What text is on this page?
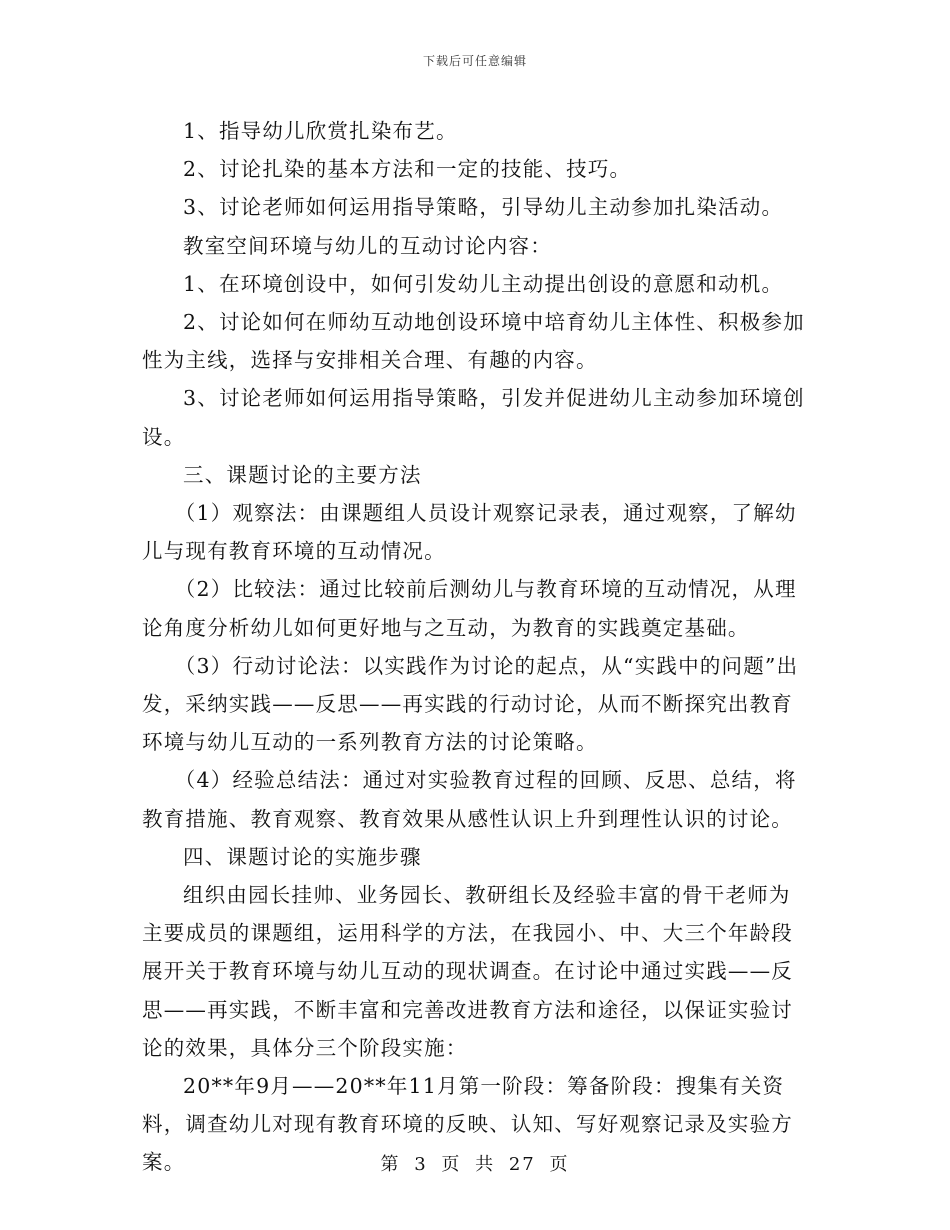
下载后可任意编辑

1、指导幼儿欣赏扎染布艺。

2、讨论扎染的基本方法和一定的技能、技巧。

3、讨论老师如何运用指导策略，引导幼儿主动参加扎染活动。

教室空间环境与幼儿的互动讨论内容：

1、在环境创设中，如何引发幼儿主动提出创设的意愿和动机。

2、讨论如何在师幼互动地创设环境中培育幼儿主体性、积极参加性为主线，选择与安排相关合理、有趣的内容。

3、讨论老师如何运用指导策略，引发并促进幼儿主动参加环境创设。

三、课题讨论的主要方法

（1）观察法：由课题组人员设计观察记录表，通过观察，了解幼儿与现有教育环境的互动情况。

（2）比较法：通过比较前后测幼儿与教育环境的互动情况，从理论角度分析幼儿如何更好地与之互动，为教育的实践奠定基础。

（3）行动讨论法：以实践作为讨论的起点，从“实践中的问题”出发，采纳实践——反思——再实践的行动讨论，从而不断探究出教育环境与幼儿互动的一系列教育方法的讨论策略。

（4）经验总结法：通过对实验教育过程的回顾、反思、总结，将教育措施、教育观察、教育效果从感性认识上升到理性认识的讨论。

四、课题讨论的实施步骤

组织由园长挂帅、业务园长、教研组长及经验丰富的骨干老师为主要成员的课题组，运用科学的方法，在我园小、中、大三个年龄段展开关于教育环境与幼儿互动的现状调查。在讨论中通过实践——反思——再实践，不断丰富和完善改进教育方法和途径，以保证实验讨论的效果，具体分三个阶段实施：

20**年9月——20**年11月第一阶段：筹备阶段：搜集有关资料，调查幼儿对现有教育环境的反映、认知、写好观察记录及实验方案。	第 3 页 共 27 页
